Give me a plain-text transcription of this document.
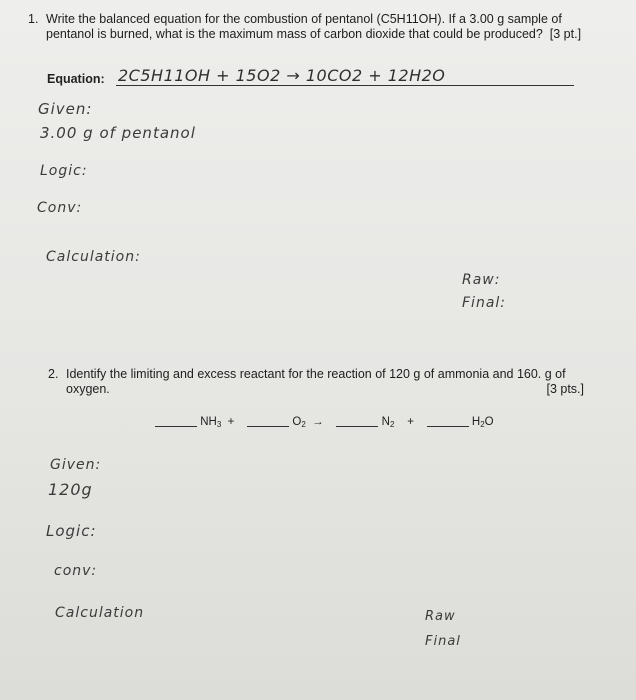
1. Write the balanced equation for the combustion of pentanol (C5H11OH). If a 3.00 g sample of
pentanol is burned, what is the maximum mass of carbon dioxide that could be produced? [3 pt.]
Equation: 2C5H11OH + 15O2 → 10CO2 + 12H2O
Given:
3.00 g of pentanol
Logic:
Conv:
Calculation:
Raw:
Final:
2. Identify the limiting and excess reactant for the reaction of 120 g of ammonia and 160. g of
oxygen.	[3 pts.]
$NH_3$ +	$O_2$ →	$N_2$ +	$H_2O$
Given:
120g
Logic:
conv:
Calculation	Raw
Final
